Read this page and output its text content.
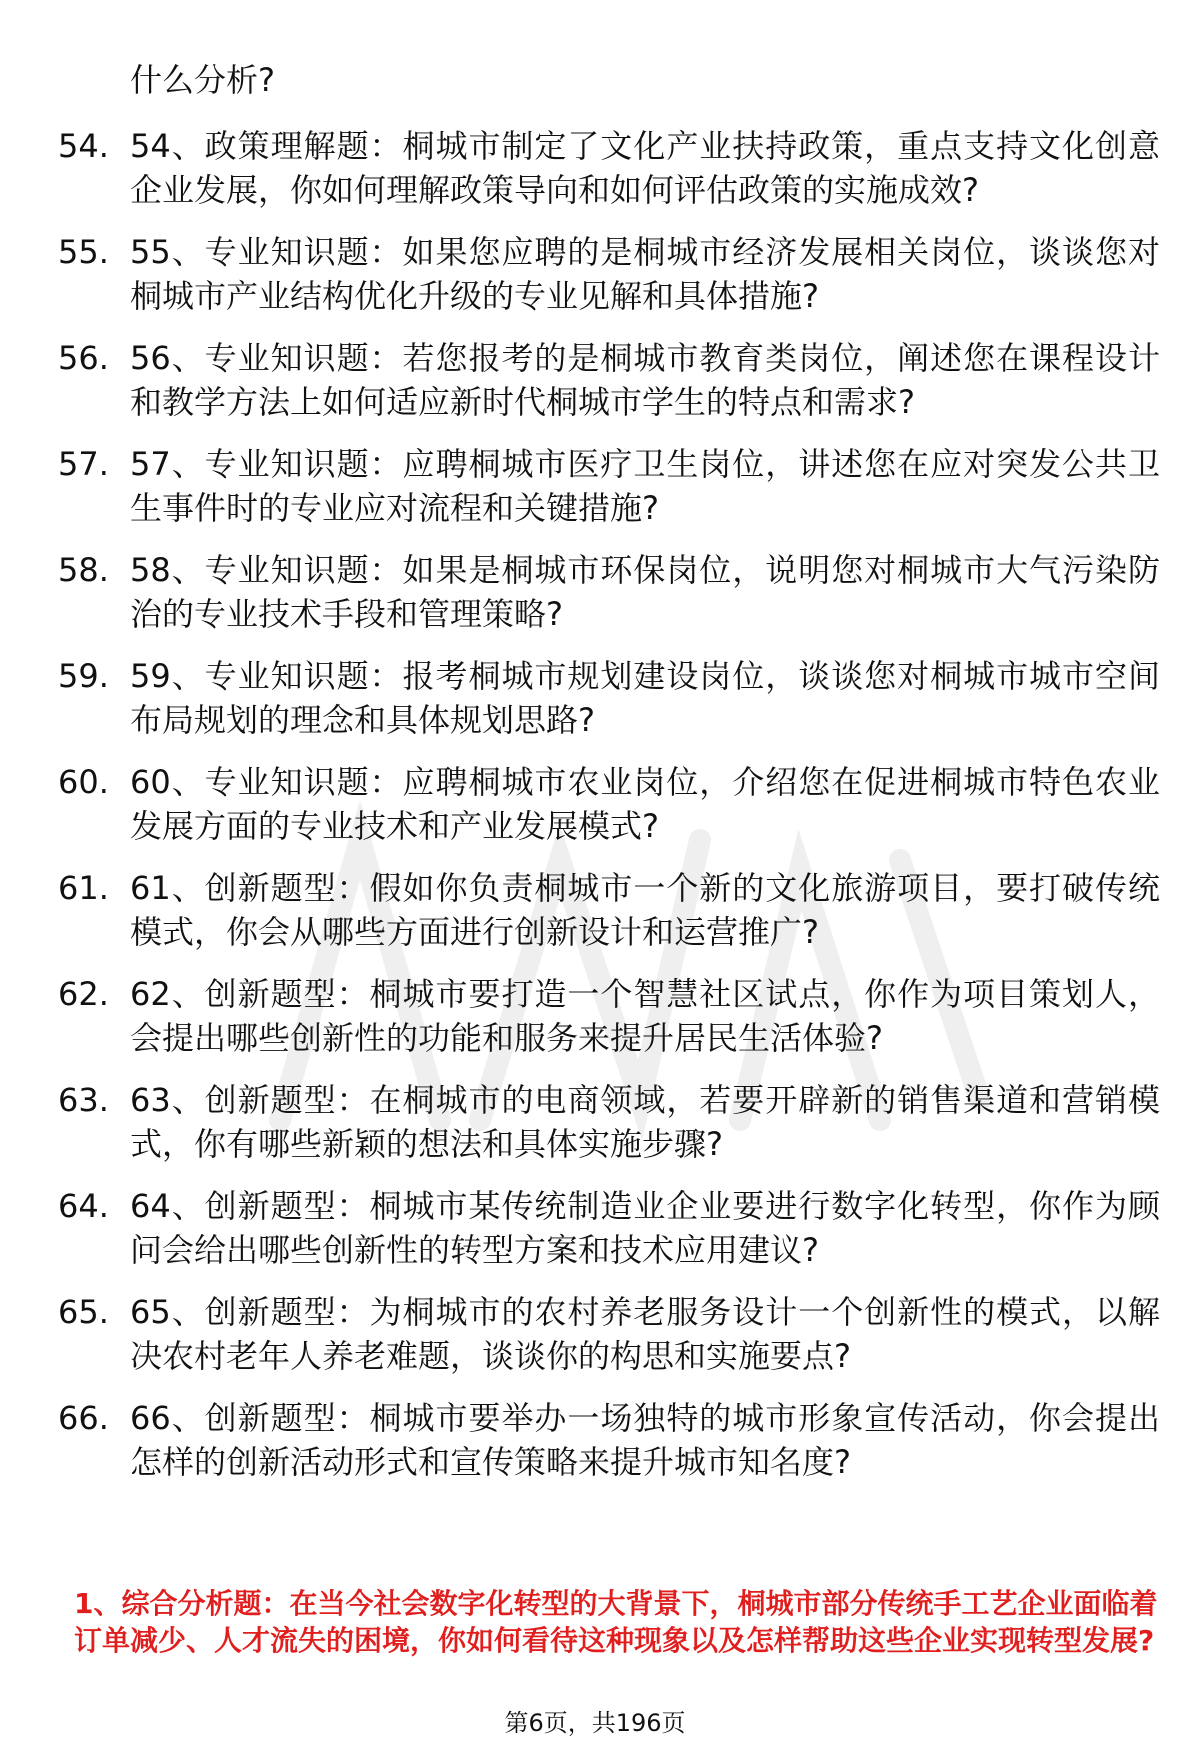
什么分析?
54. 54、政策理解题：桐城市制定了文化产业扶持政策，重点支持文化创意企业发展，你如何理解政策导向和如何评估政策的实施成效?
55. 55、专业知识题：如果您应聘的是桐城市经济发展相关岗位，谈谈您对桐城市产业结构优化升级的专业见解和具体措施?
56. 56、专业知识题：若您报考的是桐城市教育类岗位，阐述您在课程设计和教学方法上如何适应新时代桐城市学生的特点和需求?
57. 57、专业知识题：应聘桐城市医疗卫生岗位，讲述您在应对突发公共卫生事件时的专业应对流程和关键措施?
58. 58、专业知识题：如果是桐城市环保岗位，说明您对桐城市大气污染防治的专业技术手段和管理策略?
59. 59、专业知识题：报考桐城市规划建设岗位，谈谈您对桐城市城市空间布局规划的理念和具体规划思路?
60. 60、专业知识题：应聘桐城市农业岗位，介绍您在促进桐城市特色农业发展方面的专业技术和产业发展模式?
61. 61、创新题型：假如你负责桐城市一个新的文化旅游项目，要打破传统模式，你会从哪些方面进行创新设计和运营推广?
62. 62、创新题型：桐城市要打造一个智慧社区试点，你作为项目策划人，会提出哪些创新性的功能和服务来提升居民生活体验?
63. 63、创新题型：在桐城市的电商领域，若要开辟新的销售渠道和营销模式，你有哪些新颖的想法和具体实施步骤?
64. 64、创新题型：桐城市某传统制造业企业要进行数字化转型，你作为顾问会给出哪些创新性的转型方案和技术应用建议?
65. 65、创新题型：为桐城市的农村养老服务设计一个创新性的模式，以解决农村老年人养老难题，谈谈你的构思和实施要点?
66. 66、创新题型：桐城市要举办一场独特的城市形象宣传活动，你会提出怎样的创新活动形式和宣传策略来提升城市知名度?
1、综合分析题：在当今社会数字化转型的大背景下，桐城市部分传统手工艺企业面临着订单减少、人才流失的困境，你如何看待这种现象以及怎样帮助这些企业实现转型发展?
第6页，共196页
